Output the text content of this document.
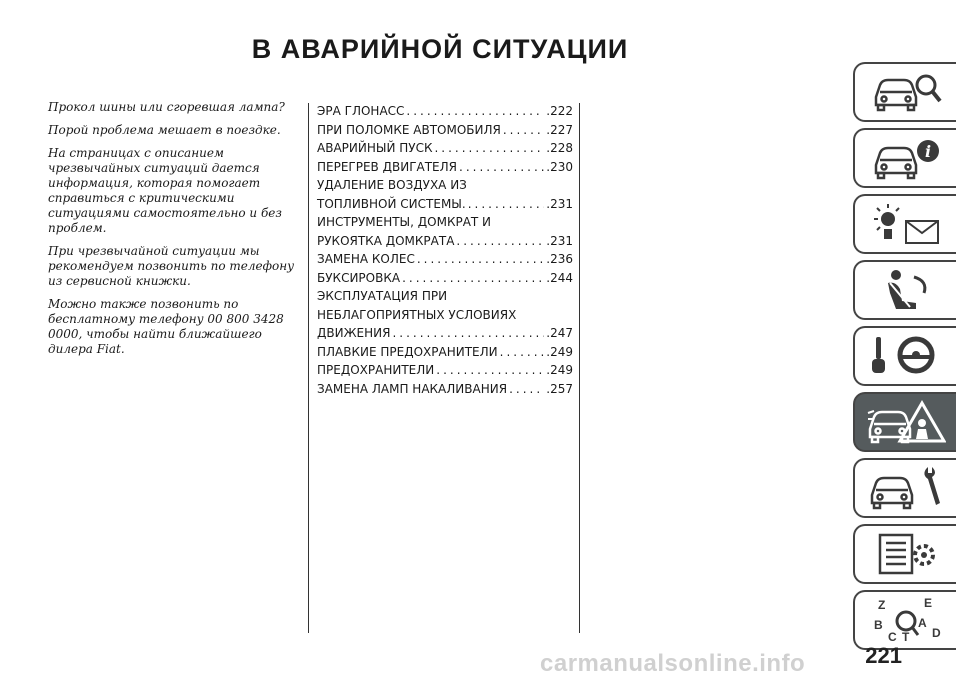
В АВАРИЙНОЙ СИТУАЦИИ

Прокол шины или сгоревшая лампа?

Порой проблема мешает в поездке.

На страницах с описанием чрезвычайных ситуаций дается информация, которая помогает справиться с критическими ситуациями самостоятельно и без проблем.

При чрезвычайной ситуации мы рекомендуем позвонить по телефону из сервисной книжки.

Можно также позвонить по бесплатному телефону 00 800 3428 0000, чтобы найти ближайшего дилера Fiat.

ЭРА ГЛОНАСС .....	.222
ПРИ ПОЛОМКЕ АВТОМОБИЛЯ .....	.227
АВАРИЙНЫЙ ПУСК .....	.228
ПЕРЕГРЕВ ДВИГАТЕЛЯ .....	.230
УДАЛЕНИЕ ВОЗДУХА ИЗ
ТОПЛИВНОЙ СИСТЕМЫ. .....	.231
ИНСТРУМЕНТЫ, ДОМКРАТ И
РУКОЯТКА ДОМКРАТА .....	.231
ЗАМЕНА КОЛЕС .....	.236
БУКСИРОВКА .....	.244
ЭКСПЛУАТАЦИЯ ПРИ
НЕБЛАГОПРИЯТНЫХ УСЛОВИЯХ
ДВИЖЕНИЯ .....	.247
ПЛАВКИЕ ПРЕДОХРАНИТЕЛИ .....	.249
ПРЕДОХРАНИТЕЛИ .....	.249
ЗАМЕНА ЛАМП НАКАЛИВАНИЯ .....	.257
i
Z	E
B	A
C T D
221
carmanualsonline.info
